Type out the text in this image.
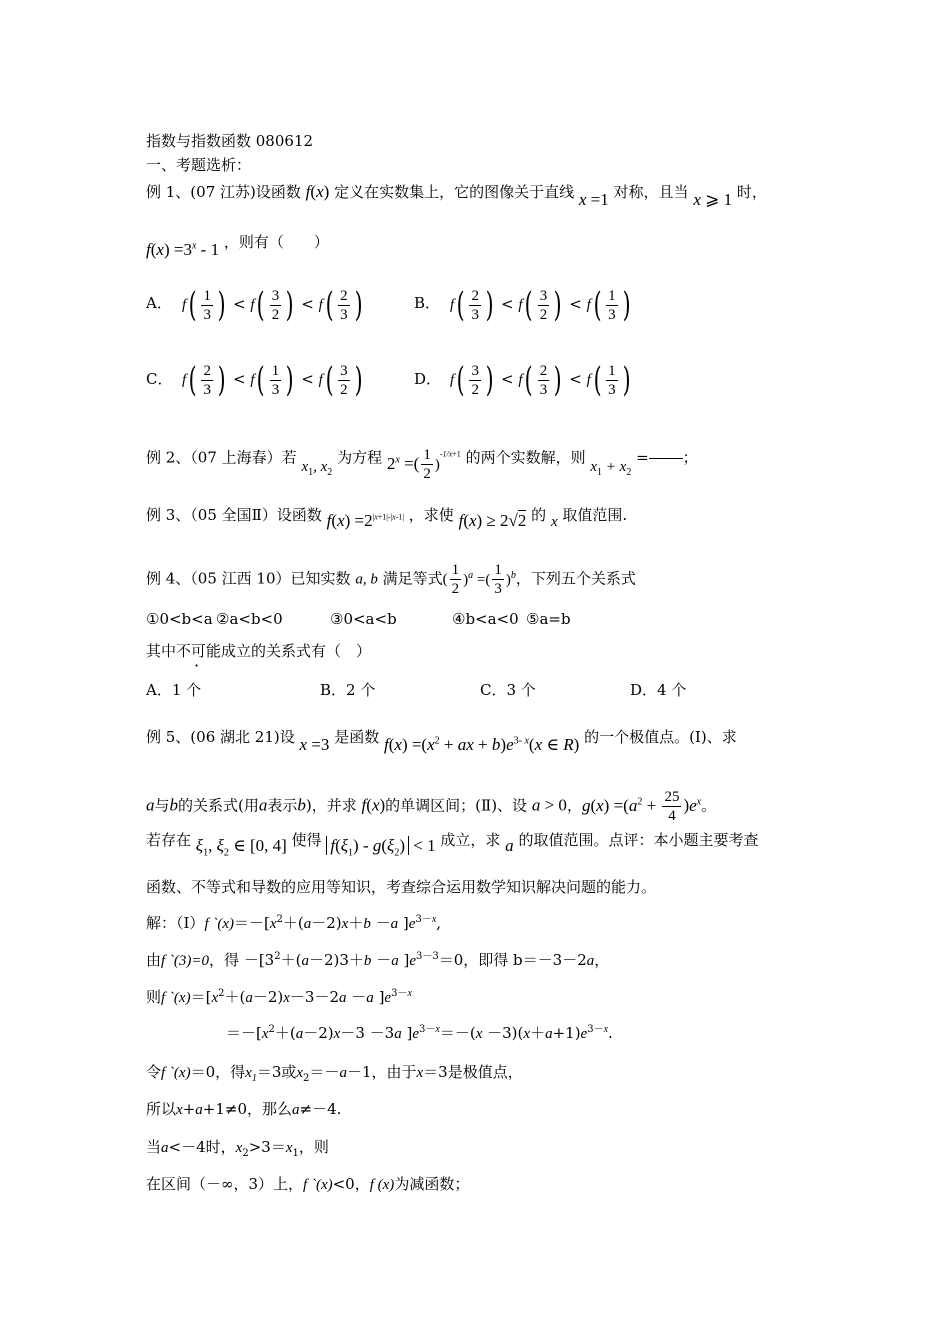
指数与指数函数 080612
一、考题选析：
例 1、(07 江苏)设函数 f(x) 定义在实数集上，它的图像关于直线 x =1 对称，且当 x ⩾ 1 时，
$f(x) =3^x - 1$ ，则有（　　）
A． $f( \frac{1}{3}$ ) < $f( \frac{3}{2}$ ) < $f( \frac{2}{3}$ )	B． $f( \frac{2}{3}$ ) < $f( \frac{3}{2}$ ) < $f( \frac{1}{3}$ )
C． $f( \frac{2}{3}$ ) < $f( \frac{1}{3}$ ) < $f( \frac{3}{2}$ )	D． $f( \frac{3}{2}$ ) < $f( \frac{2}{3}$ ) < $f( \frac{1}{3}$ )
例 2、（07 上海春）若 $x_1$, $x_2$ 为方程 $2^x$ =( $\frac{1}{2} )^{-1/x+1}$ 的两个实数解，则 $x_1 + x_2$ = ；
例 3、（05 全国Ⅱ）设函数 $f(x) =2^{|x+1|-|x-1|}$ ，求使 f(x) ≥ 2√2 的 x 取值范围.
例 4、（05 江西 10）已知实数 a, b 满足等式( $\frac{1}{2} )^a$ =( $\frac{1}{3} )^b$，下列五个关系式
①0<b<a ②a<b<0	③0<a<b	④b<a<0 ⑤a=b
其中不可能成立的关系式有（　）
A．1 个	B．2 个	C．3 个	D．4 个
例 5、(06 湖北 21)设 x =3 是函数 $f(x) =(x^2$ + ax + $b)e^{3- x}(x$ ∈ R) 的一个极值点。(Ⅰ)、求
a与b的关系式(用a表示b)，并求 f(x)的单调区间；(Ⅱ)、设 a > 0，$g(x) =(a^2 + \frac{25}{4} )e^x$。
若存在 $\xi_1$, $\xi_2$ ∈ [0, 4] 使得 $f(\xi_1) - g(\xi_2) < 1$ 成立，求 a 的取值范围。点评：本小题主要考查
函数、不等式和导数的应用等知识，考查综合运用数学知识解决问题的能力。
解：（Ⅰ）f $`(x)=-[x^2+(a-2)x+b -a$ ]$e^{3-x}$,
由f `(3)=0，得 $-[3^2+(a-2)3+b -a$ ]$e^{3-3}=0$，即得 b＝－3－2a，
则f $`(x)=[x^2+(a-2)x-3-2a -a$ ]$e^{3-x}$
$=-[x^2+(a-2)x-3 -3a$ ]$e^{3-x}=-(x -3)(x+a+1)e^{3-x}$.
令f `(x)＝0，得$x_1=3$或$x_2=-a-1$，由于x＝3是极值点，
所以x+a+1≠0，那么a≠－4.
当a<－4时，$x_2>3=x_1$，则
在区间（－∞，3）上，f `(x)<0，f (x)为减函数；
